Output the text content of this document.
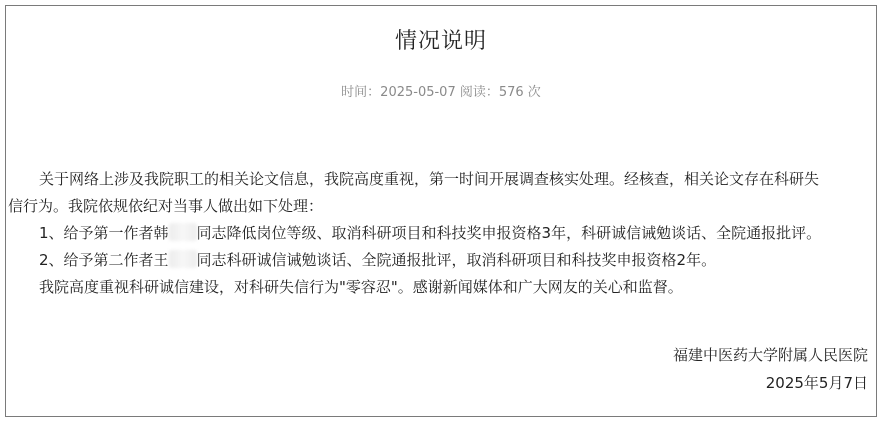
情况说明
时间：2025-05-07 阅读：576 次
关于网络上涉及我院职工的相关论文信息，我院高度重视，第一时间开展调查核实处理。经核查，相关论文存在科研失
信行为。我院依规依纪对当事人做出如下处理：
1、给予第一作者韩 同志降低岗位等级、取消科研项目和科技奖申报资格3年，科研诚信诫勉谈话、全院通报批评。
2、给予第二作者王 同志科研诚信诫勉谈话、全院通报批评，取消科研项目和科技奖申报资格2年。
我院高度重视科研诚信建设，对科研失信行为"零容忍"。感谢新闻媒体和广大网友的关心和监督。
福建中医药大学附属人民医院
2025年5月7日
